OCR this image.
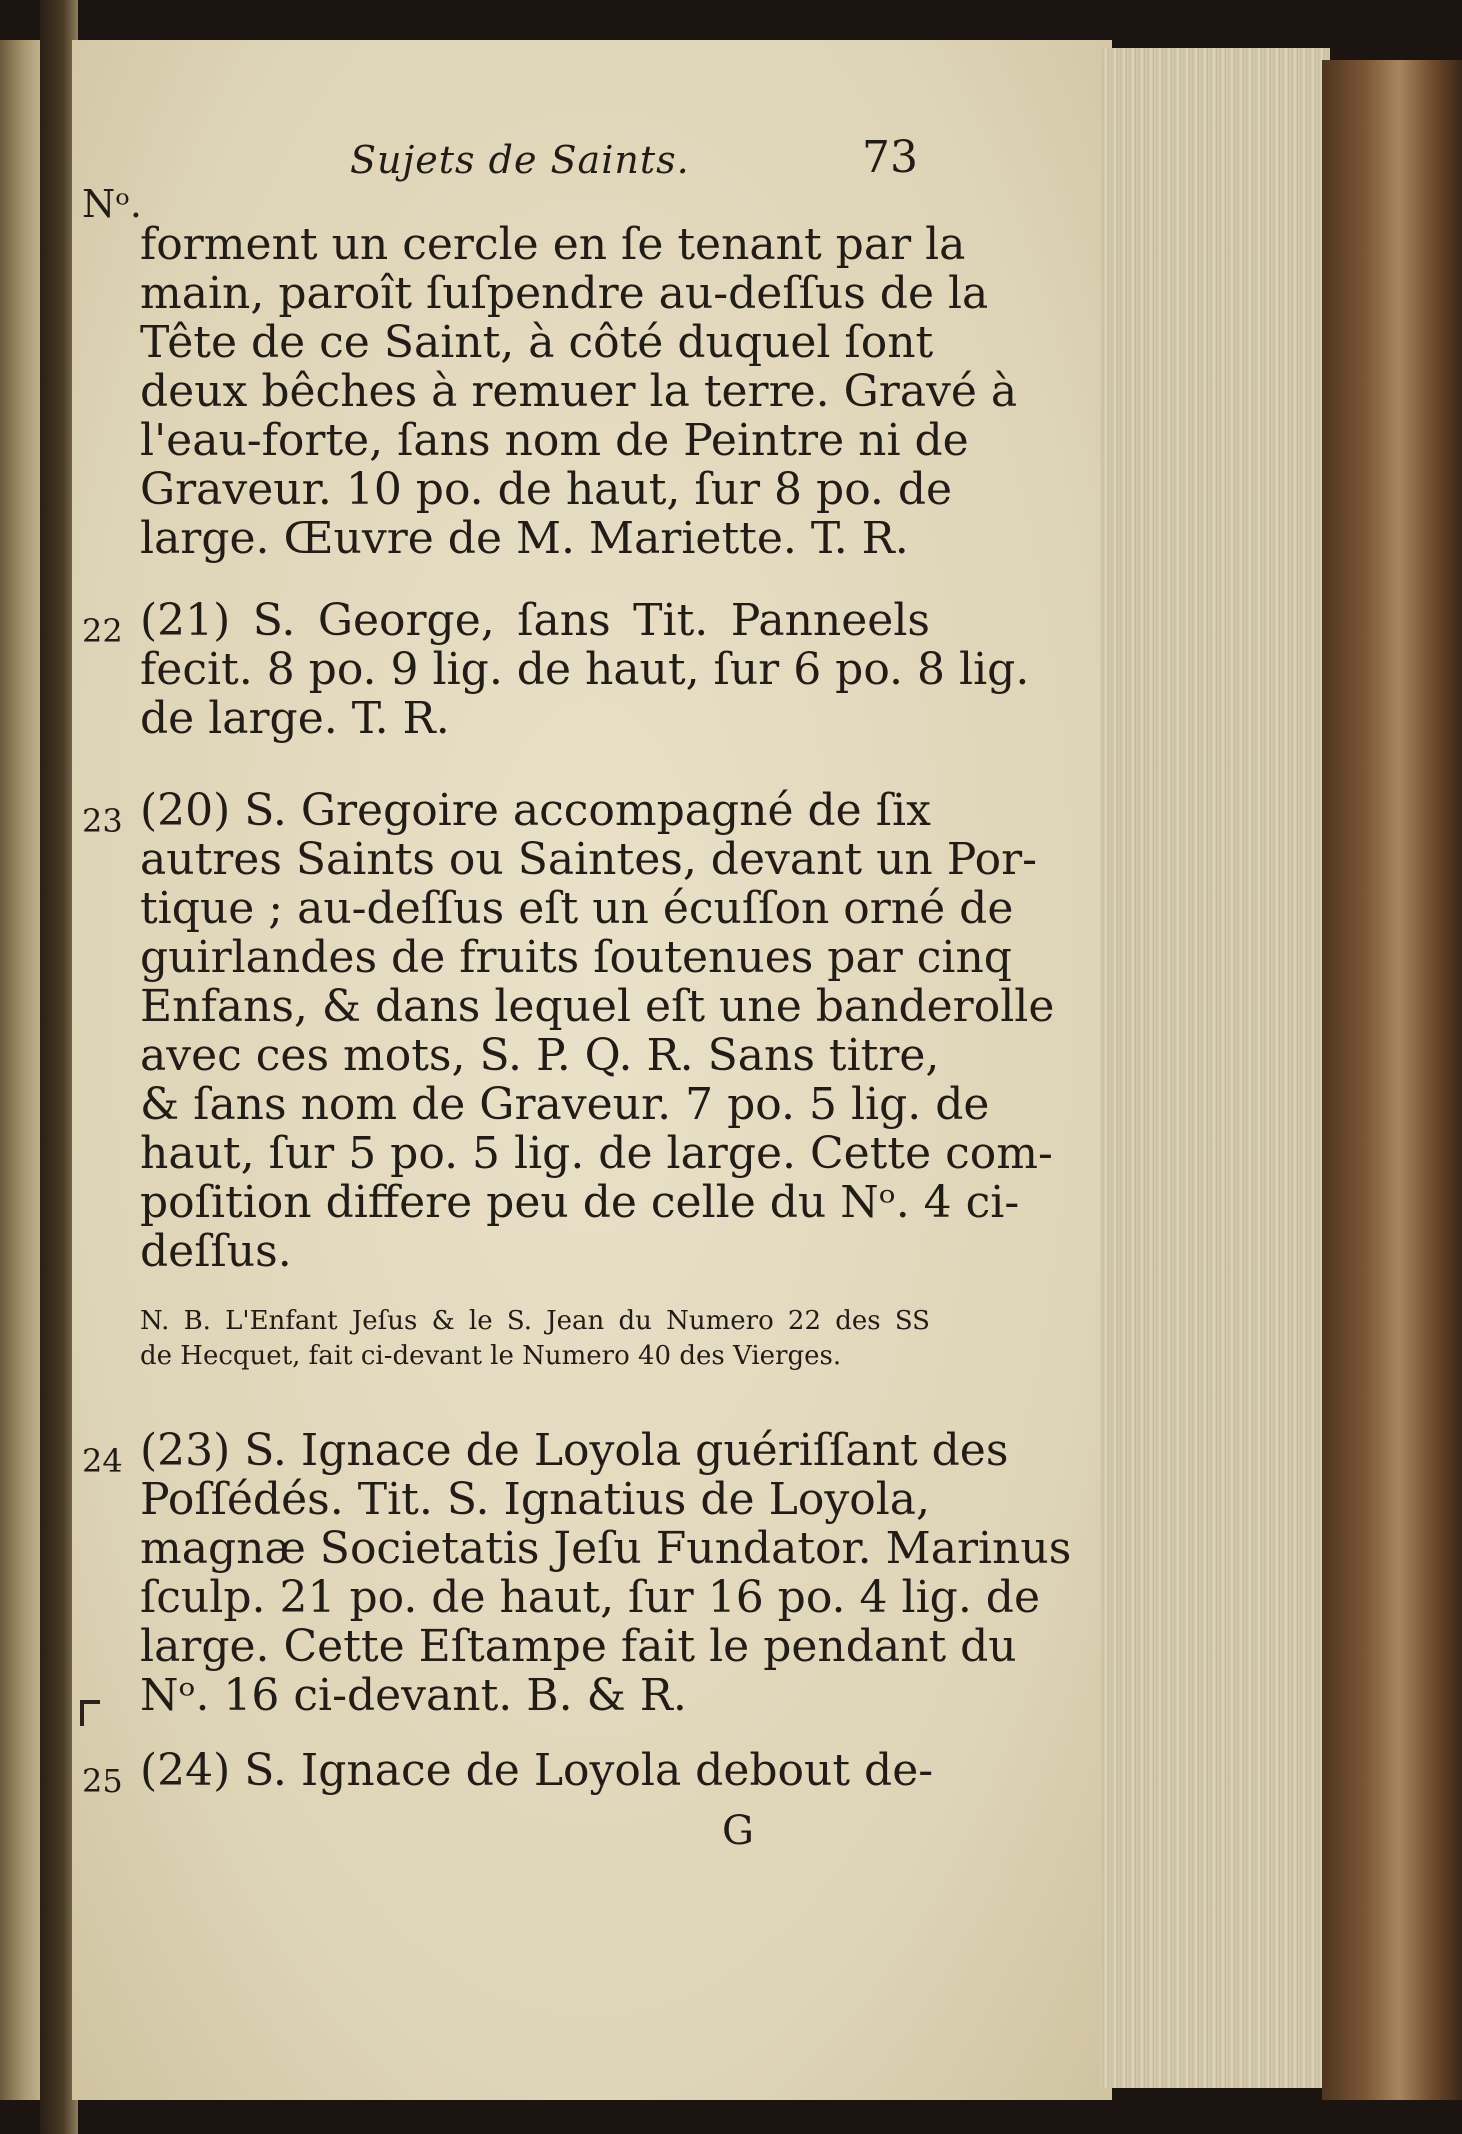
Sujets de Saints.	73
Nᵒ.
forment un cercle en ſe tenant par la
main, paroît ſuſpendre au-deſſus de la
Tête de ce Saint, à côté duquel ſont
deux bêches à remuer la terre. Gravé à
l'eau-forte, ſans nom de Peintre ni de
Graveur. 10 po. de haut, ſur 8 po. de
large. Œuvre de M. Mariette. T. R.
22 (21) S. George, ſans Tit. Panneels
fecit. 8 po. 9 lig. de haut, ſur 6 po. 8 lig.
de large. T. R.
23 (20) S. Gregoire accompagné de ſix
autres Saints ou Saintes, devant un Por-
tique ; au-deſſus eſt un écuſſon orné de
guirlandes de fruits ſoutenues par cinq
Enfans, & dans lequel eſt une banderolle
avec ces mots, S. P. Q. R. Sans titre,
& ſans nom de Graveur. 7 po. 5 lig. de
haut, ſur 5 po. 5 lig. de large. Cette com-
poſition differe peu de celle du Nᵒ. 4 ci-
deſſus.
N. B. L'Enfant Jeſus & le S. Jean du Numero 22 des SS
de Hecquet, fait ci-devant le Numero 40 des Vierges.
24 (23) S. Ignace de Loyola guériſſant des
Poſſédés. Tit. S. Ignatius de Loyola,
magnæ Societatis Jeſu Fundator. Marinus
ſculp. 21 po. de haut, ſur 16 po. 4 lig. de
large. Cette Eſtampe fait le pendant du
Nᵒ. 16 ci-devant. B. & R.
25 (24) S. Ignace de Loyola debout de-
G
